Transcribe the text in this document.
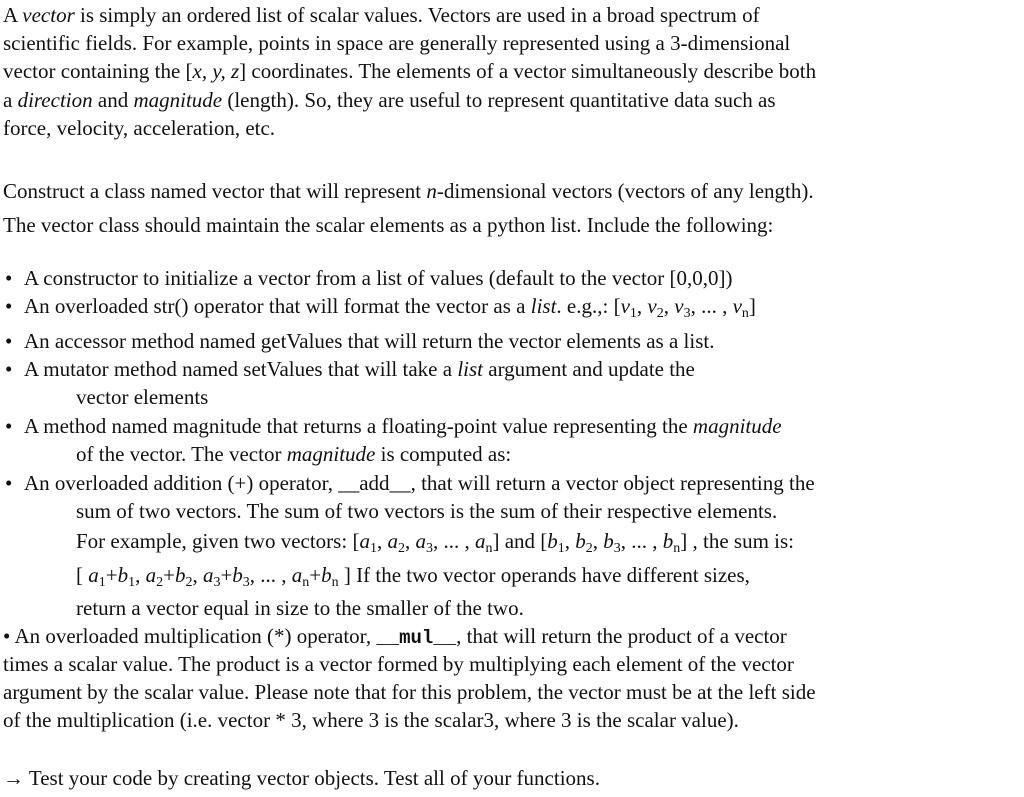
A vector is simply an ordered list of scalar values. Vectors are used in a broad spectrum of
scientific fields. For example, points in space are generally represented using a 3-dimensional
vector containing the [x, y, z] coordinates. The elements of a vector simultaneously describe both
a direction and magnitude (length). So, they are useful to represent quantitative data such as
force, velocity, acceleration, etc.
Construct a class named vector that will represent n-dimensional vectors (vectors of any length).
The vector class should maintain the scalar elements as a python list. Include the following:
• A constructor to initialize a vector from a list of values (default to the vector [0,0,0])
• An overloaded str() operator that will format the vector as a list. e.g.,: [$v_1$, $v_2$, $v_3$, ... , $v_n$]
• An accessor method named getValues that will return the vector elements as a list.
• A mutator method named setValues that will take a list argument and update the
vector elements
• A method named magnitude that returns a floating-point value representing the magnitude
of the vector. The vector magnitude is computed as:
• An overloaded addition (+) operator, __add__, that will return a vector object representing the
sum of two vectors. The sum of two vectors is the sum of their respective elements.
For example, given two vectors: [$a_1$, $a_2$, $a_3$, ... , $a_n$] and [$b_1$, $b_2$, $b_3$, ... , $b_n$] , the sum is:
[ $a_1+b_1$, $a_2+b_2$, $a_3+b_3$, ... , $a_n+b_n$ ] If the two vector operands have different sizes,
return a vector equal in size to the smaller of the two.
• An overloaded multiplication (*) operator, __mul__, that will return the product of a vector
times a scalar value. The product is a vector formed by multiplying each element of the vector
argument by the scalar value. Please note that for this problem, the vector must be at the left side
of the multiplication (i.e. vector * 3, where 3 is the scalar3, where 3 is the scalar value).
→ Test your code by creating vector objects. Test all of your functions.
